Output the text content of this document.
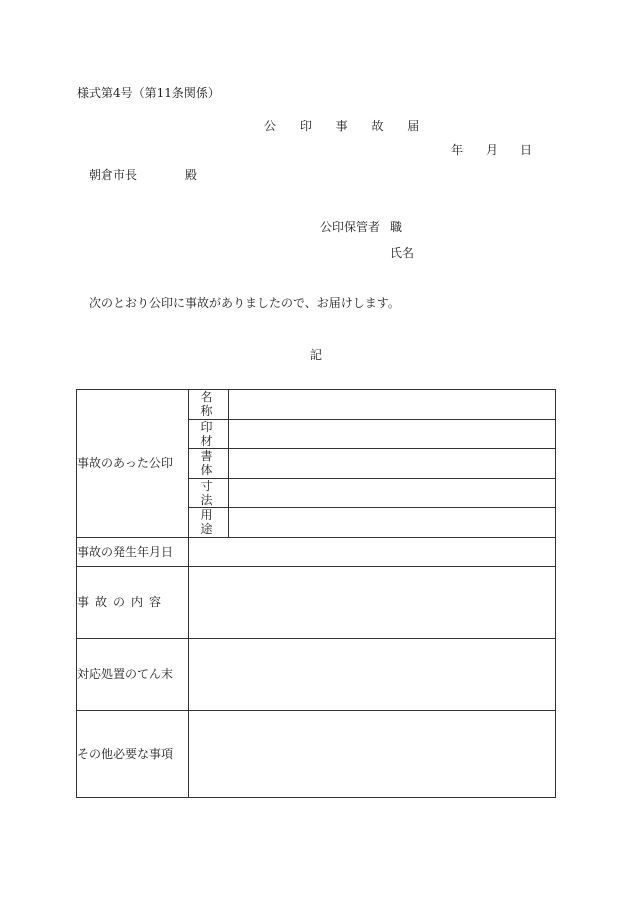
様式第4号（第11条関係）
公 印 事 故 届
年 月 日
朝倉市長	殿
公印保管者 職
氏名
次のとおり公印に事故がありましたので、お届けします。
記
事故のあった公印	名 称	
	印 材	
	書 体	
	寸 法	
	用 途	
事故の発生年月日		
事故の内容		
対応処置のてん末		
その他必要な事項		
